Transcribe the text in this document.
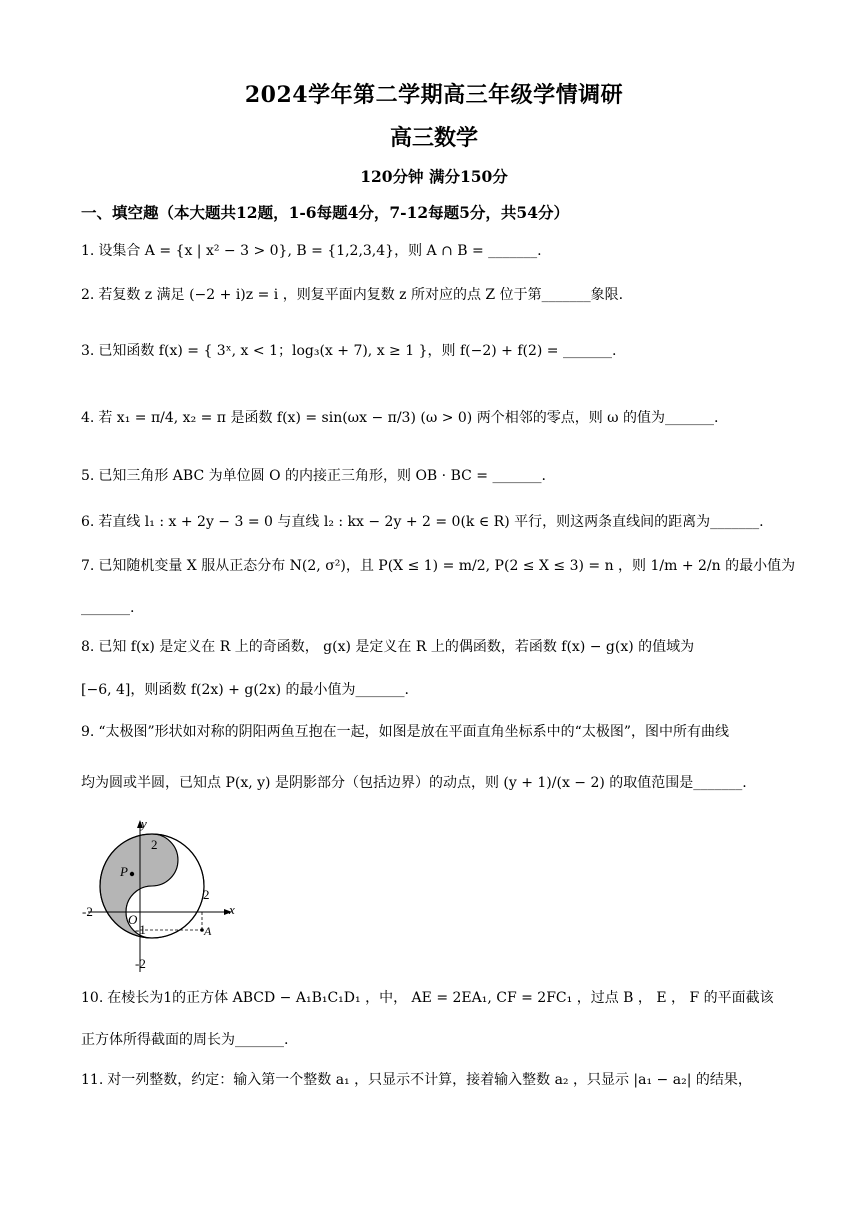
2024学年第二学期高三年级学情调研
高三数学
120分钟 满分150分
一、填空趣（本大题共12题，1-6每题4分，7-12每题5分，共54分）
1. 设集合 A = {x | x² − 3 > 0}, B = {1,2,3,4}，则 A ∩ B = _______.
2. 若复数 z 满足 (−2 + i)z = i ，则复平面内复数 z 所对应的点 Z 位于第_______象限.
3. 已知函数 f(x) = { 3ˣ, x < 1；log₃(x + 7), x ≥ 1 }，则 f(−2) + f(2) = _______.
4. 若 x₁ = π/4, x₂ = π 是函数 f(x) = sin(ωx − π/3) (ω > 0) 两个相邻的零点，则 ω 的值为_______.
5. 已知三角形 ABC 为单位圆 O 的内接正三角形，则 OB · BC = _______.
6. 若直线 l₁ : x + 2y − 3 = 0 与直线 l₂ : kx − 2y + 2 = 0(k ∈ R) 平行，则这两条直线间的距离为_______.
7. 已知随机变量 X 服从正态分布 N(2, σ²)，且 P(X ≤ 1) = m/2, P(2 ≤ X ≤ 3) = n ，则 1/m + 2/n 的最小值为
_______.
8. 已知 f(x) 是定义在 R 上的奇函数， g(x) 是定义在 R 上的偶函数，若函数 f(x) − g(x) 的值域为
[−6, 4]，则函数 f(2x) + g(2x) 的最小值为_______.
9. “太极图”形状如对称的阴阳两鱼互抱在一起，如图是放在平面直角坐标系中的“太极图”，图中所有曲线
均为圆或半圆，已知点 P(x, y) 是阴影部分（包括边界）的动点，则 (y + 1)/(x − 2) 的取值范围是_______.
y
x
O
2
2
-2
-2
-1
P
A
10. 在棱长为1的正方体 ABCD − A₁B₁C₁D₁ ，中， AE = 2EA₁, CF = 2FC₁ ，过点 B ， E ， F 的平面截该
正方体所得截面的周长为_______.
11. 对一列整数，约定：输入第一个整数 a₁ ，只显示不计算，接着输入整数 a₂ ，只显示 |a₁ − a₂| 的结果，
